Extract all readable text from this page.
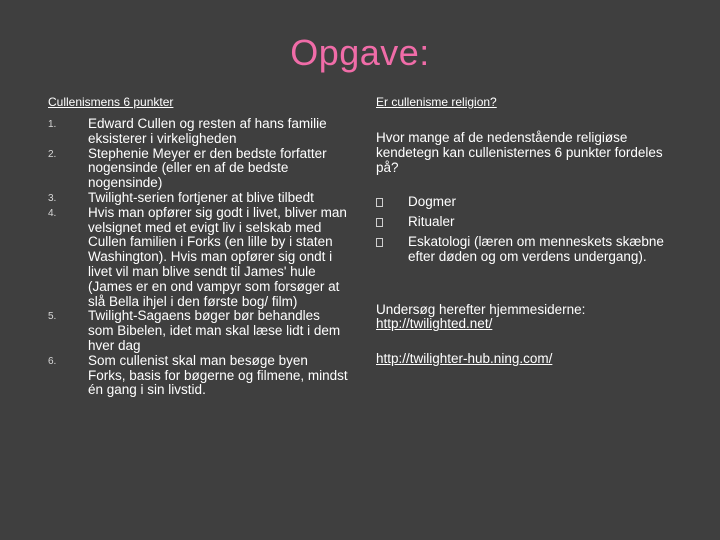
Opgave:
Cullenismens 6 punkter
1. Edward Cullen og resten af hans familie eksisterer i virkeligheden
2. Stephenie Meyer er den bedste forfatter nogensinde (eller en af de bedste nogensinde)
3. Twilight-serien fortjener at blive tilbedt
4. Hvis man opfører sig godt i livet, bliver man velsignet med et evigt liv i selskab med Cullen familien i Forks (en lille by i staten Washington). Hvis man opfører sig ondt i livet vil man blive sendt til James' hule (James er en ond vampyr som forsøger at slå Bella ihjel i den første bog/ film)
5. Twilight-Sagaens bøger bør behandles som Bibelen, idet man skal læse lidt i dem hver dag
6. Som cullenist skal man besøge byen Forks, basis for bøgerne og filmene, mindst én gang i sin livstid.
Er cullenisme religion?
Hvor mange af de nedenstående religiøse kendetegn kan cullenisternes 6 punkter fordeles på?
Dogmer
Ritualer
Eskatologi (læren om menneskets skæbne efter døden og om verdens undergang).
Undersøg herefter hjemmesiderne:
http://twilighted.net/
http://twilighter-hub.ning.com/
